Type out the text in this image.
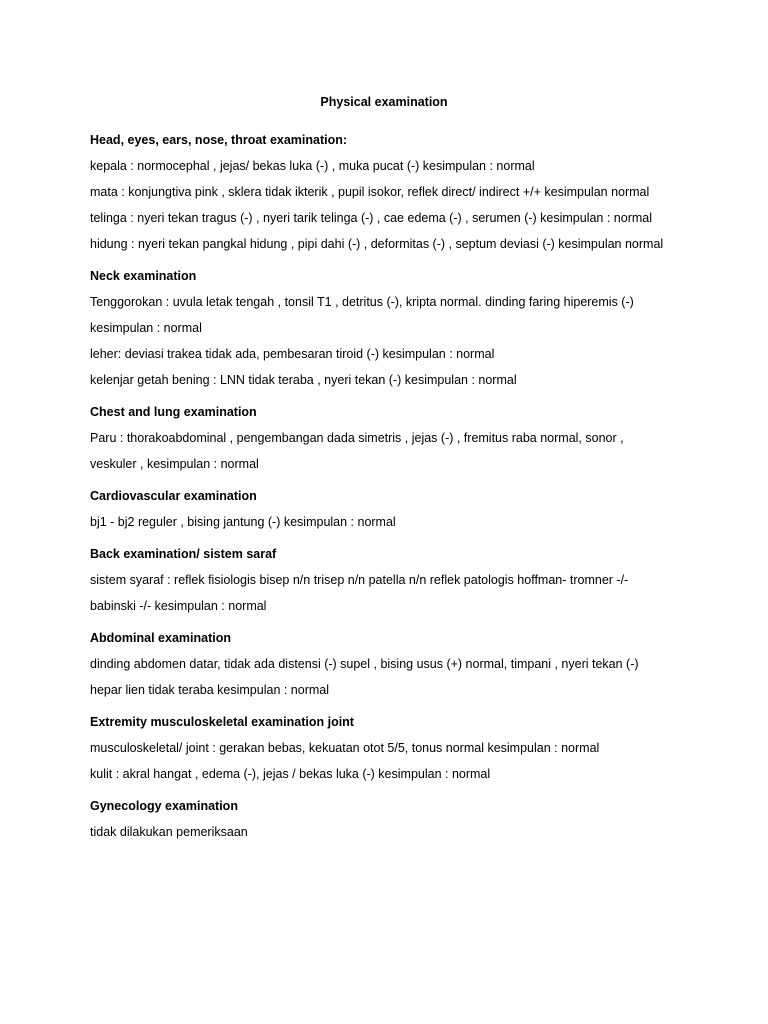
Physical examination
Head, eyes, ears, nose, throat examination:
kepala : normocephal , jejas/ bekas luka (-) , muka pucat (-) kesimpulan : normal
mata : konjungtiva pink , sklera tidak ikterik , pupil isokor, reflek direct/ indirect +/+ kesimpulan normal
telinga : nyeri tekan tragus (-) , nyeri tarik telinga (-) , cae edema (-) , serumen (-) kesimpulan : normal
hidung : nyeri tekan pangkal hidung , pipi dahi (-) , deformitas (-) , septum deviasi (-) kesimpulan normal
Neck examination
Tenggorokan : uvula letak tengah , tonsil T1 , detritus (-), kripta normal. dinding faring hiperemis (-)
kesimpulan : normal
leher: deviasi trakea tidak ada, pembesaran tiroid (-) kesimpulan : normal
kelenjar getah bening : LNN tidak teraba , nyeri tekan (-) kesimpulan : normal
Chest and lung examination
Paru : thorakoabdominal , pengembangan dada simetris , jejas (-) , fremitus raba normal, sonor ,
veskuler , kesimpulan : normal
Cardiovascular examination
bj1 - bj2 reguler , bising jantung (-) kesimpulan : normal
Back examination/ sistem saraf
sistem syaraf : reflek fisiologis bisep n/n trisep n/n patella n/n reflek patologis hoffman- tromner -/-
babinski -/- kesimpulan : normal
Abdominal examination
dinding abdomen datar, tidak ada distensi (-) supel , bising usus (+) normal, timpani , nyeri tekan (-)
hepar lien tidak teraba kesimpulan : normal
Extremity musculoskeletal examination joint
musculoskeletal/ joint : gerakan bebas, kekuatan otot 5/5, tonus normal kesimpulan : normal
kulit : akral hangat , edema (-), jejas / bekas luka (-) kesimpulan : normal
Gynecology examination
tidak dilakukan pemeriksaan
